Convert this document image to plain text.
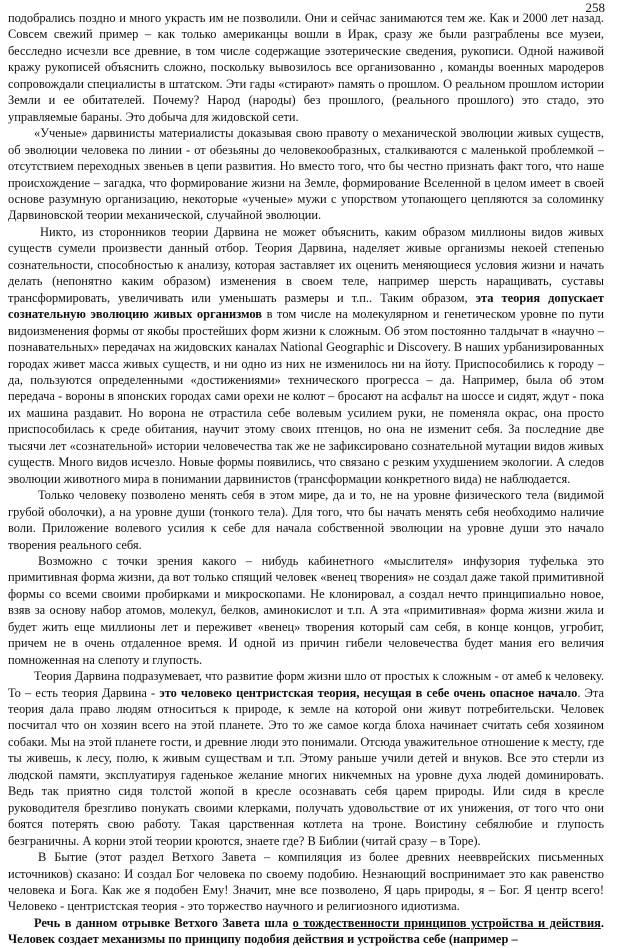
258

подобрались поздно и много украсть им не позволили. Они и сейчас занимаются тем же. Как и 2000 лет назад. Совсем свежий пример – как только американцы вошли в Ирак, сразу же были разграблены все музеи, бесследно исчезли все древние, в том числе содержащие эзотерические сведения, рукописи. Одной наживой кражу рукописей объяснить сложно, поскольку вывозилось все организованно , команды военных мародеров сопровождали специалисты в штатском. Эти гады «стирают» память о прошлом. О реальном прошлом истории Земли и ее обитателей. Почему? Народ (народы) без прошлого, (реального прошлого) это стадо, это управляемые бараны. Это добыча для жидовской сети.

«Ученые» дарвинисты материалисты доказывая свою правоту о механической эволюции живых существ, об эволюции человека по линии - от обезьяны до человекообразных, сталкиваются с маленькой проблемкой – отсутствием переходных звеньев в цепи развития. Но вместо того, что бы честно признать факт того, что наше происхождение – загадка, что формирование жизни на Земле, формирование Вселенной в целом имеет в своей основе разумную организацию, некоторые «ученые» мужи с упорством утопающего цепляются за соломинку Дарвиновской теории механической, случайной эволюции.

Никто, из сторонников теории Дарвина не может объяснить, каким образом миллионы видов живых существ сумели произвести данный отбор. Теория Дарвина, наделяет живые организмы некоей степенью сознательности, способностью к анализу, которая заставляет их оценить меняющиеся условия жизни и начать делать (непонятно каким образом) изменения в своем теле, например шерсть наращивать, суставы трансформировать, увеличивать или уменьшать размеры и т.п.. Таким образом, эта теория допускает сознательную эволюцию живых организмов в том числе на молекулярном и генетическом уровне по пути видоизменения формы от якобы простейших форм жизни к сложным. Об этом постоянно талдычат в «научно – познавательных» передачах на жидовских каналах National Geographic и Discovery. В наших урбанизированных городах живет масса живых существ, и ни одно из них не изменилось ни на йоту. Приспособились к городу – да, пользуются определенными «достижениями» технического прогресса – да. Например, была об этом передача - вороны в японских городах сами орехи не колют – бросают на асфальт на шоссе и сидят, ждут - пока их машина раздавит. Но ворона не отрастила себе волевым усилием руки, не поменяла окрас, она просто приспособилась к среде обитания, научит этому своих птенцов, но она не изменит себя. За последние две тысячи лет «сознательной» истории человечества так же не зафиксировано сознательной мутации видов живых существ. Много видов исчезло. Новые формы появились, что связано с резким ухудшением экологии. А следов эволюции животного мира в понимании дарвинистов (трансформации конкретного вида) не наблюдается.

Только человеку позволено менять себя в этом мире, да и то, не на уровне физического тела (видимой грубой оболочки), а на уровне души (тонкого тела). Для того, что бы начать менять себя необходимо наличие воли. Приложение волевого усилия к себе для начала собственной эволюции на уровне души это начало творения реального себя.

Возможно с точки зрения какого – нибудь кабинетного «мыслителя» инфузория туфелька это примитивная форма жизни, да вот только спящий человек «венец творения» не создал даже такой примитивной формы со всеми своими пробирками и микроскопами. Не клонировал, а создал нечто принципиально новое, взяв за основу набор атомов, молекул, белков, аминокислот и т.п. А эта «примитивная» форма жизни жила и будет жить еще миллионы лет и переживет «венец» творения который сам себя, в конце концов, угробит, причем не в очень отдаленное время. И одной из причин гибели человечества будет мания его величия помноженная на слепоту и глупость.

Теория Дарвина подразумевает, что развитие форм жизни шло от простых к сложным - от амеб к человеку. То – есть теория Дарвина - это человеко центристская теория, несущая в себе очень опасное начало. Эта теория дала право людям относиться к природе, к земле на которой они живут потребительски. Человек посчитал что он хозяин всего на этой планете. Это то же самое когда блоха начинает считать себя хозяином собаки. Мы на этой планете гости, и древние люди это понимали. Отсюда уважительное отношение к месту, где ты живешь, к лесу, полю, к живым существам и т.п. Этому раньше учили детей и внуков. Все это стерли из людской памяти, эксплуатируя гаденькое желание многих никчемных на уровне духа людей доминировать. Ведь так приятно сидя толстой жопой в кресле осознавать себя царем природы. Или сидя в кресле руководителя брезгливо понукать своими клерками, получать удовольствие от их унижения, от того что они боятся потерять свою работу. Такая царственная котлета на троне. Воистину себялюбие и глупость безграничны. А корни этой теории кроются, знаете где? В Библии (читай сразу – в Торе).

В Бытие (этот раздел Ветхого Завета – компиляция из более древних неевврейских письменных источников) сказано: И создал Бог человека по своему подобию. Незнающий воспринимает это как равенство человека и Бога. Как же я подобен Ему! Значит, мне все позволено, Я царь природы, я – Бог. Я центр всего! Человеко - центристская теория - это торжество научного и религиозного идиотизма.

Речь в данном отрывке Ветхого Завета шла о тождественности принципов устройства и действия. Человек создает механизмы по принципу подобия действия и устройства себе (например –
